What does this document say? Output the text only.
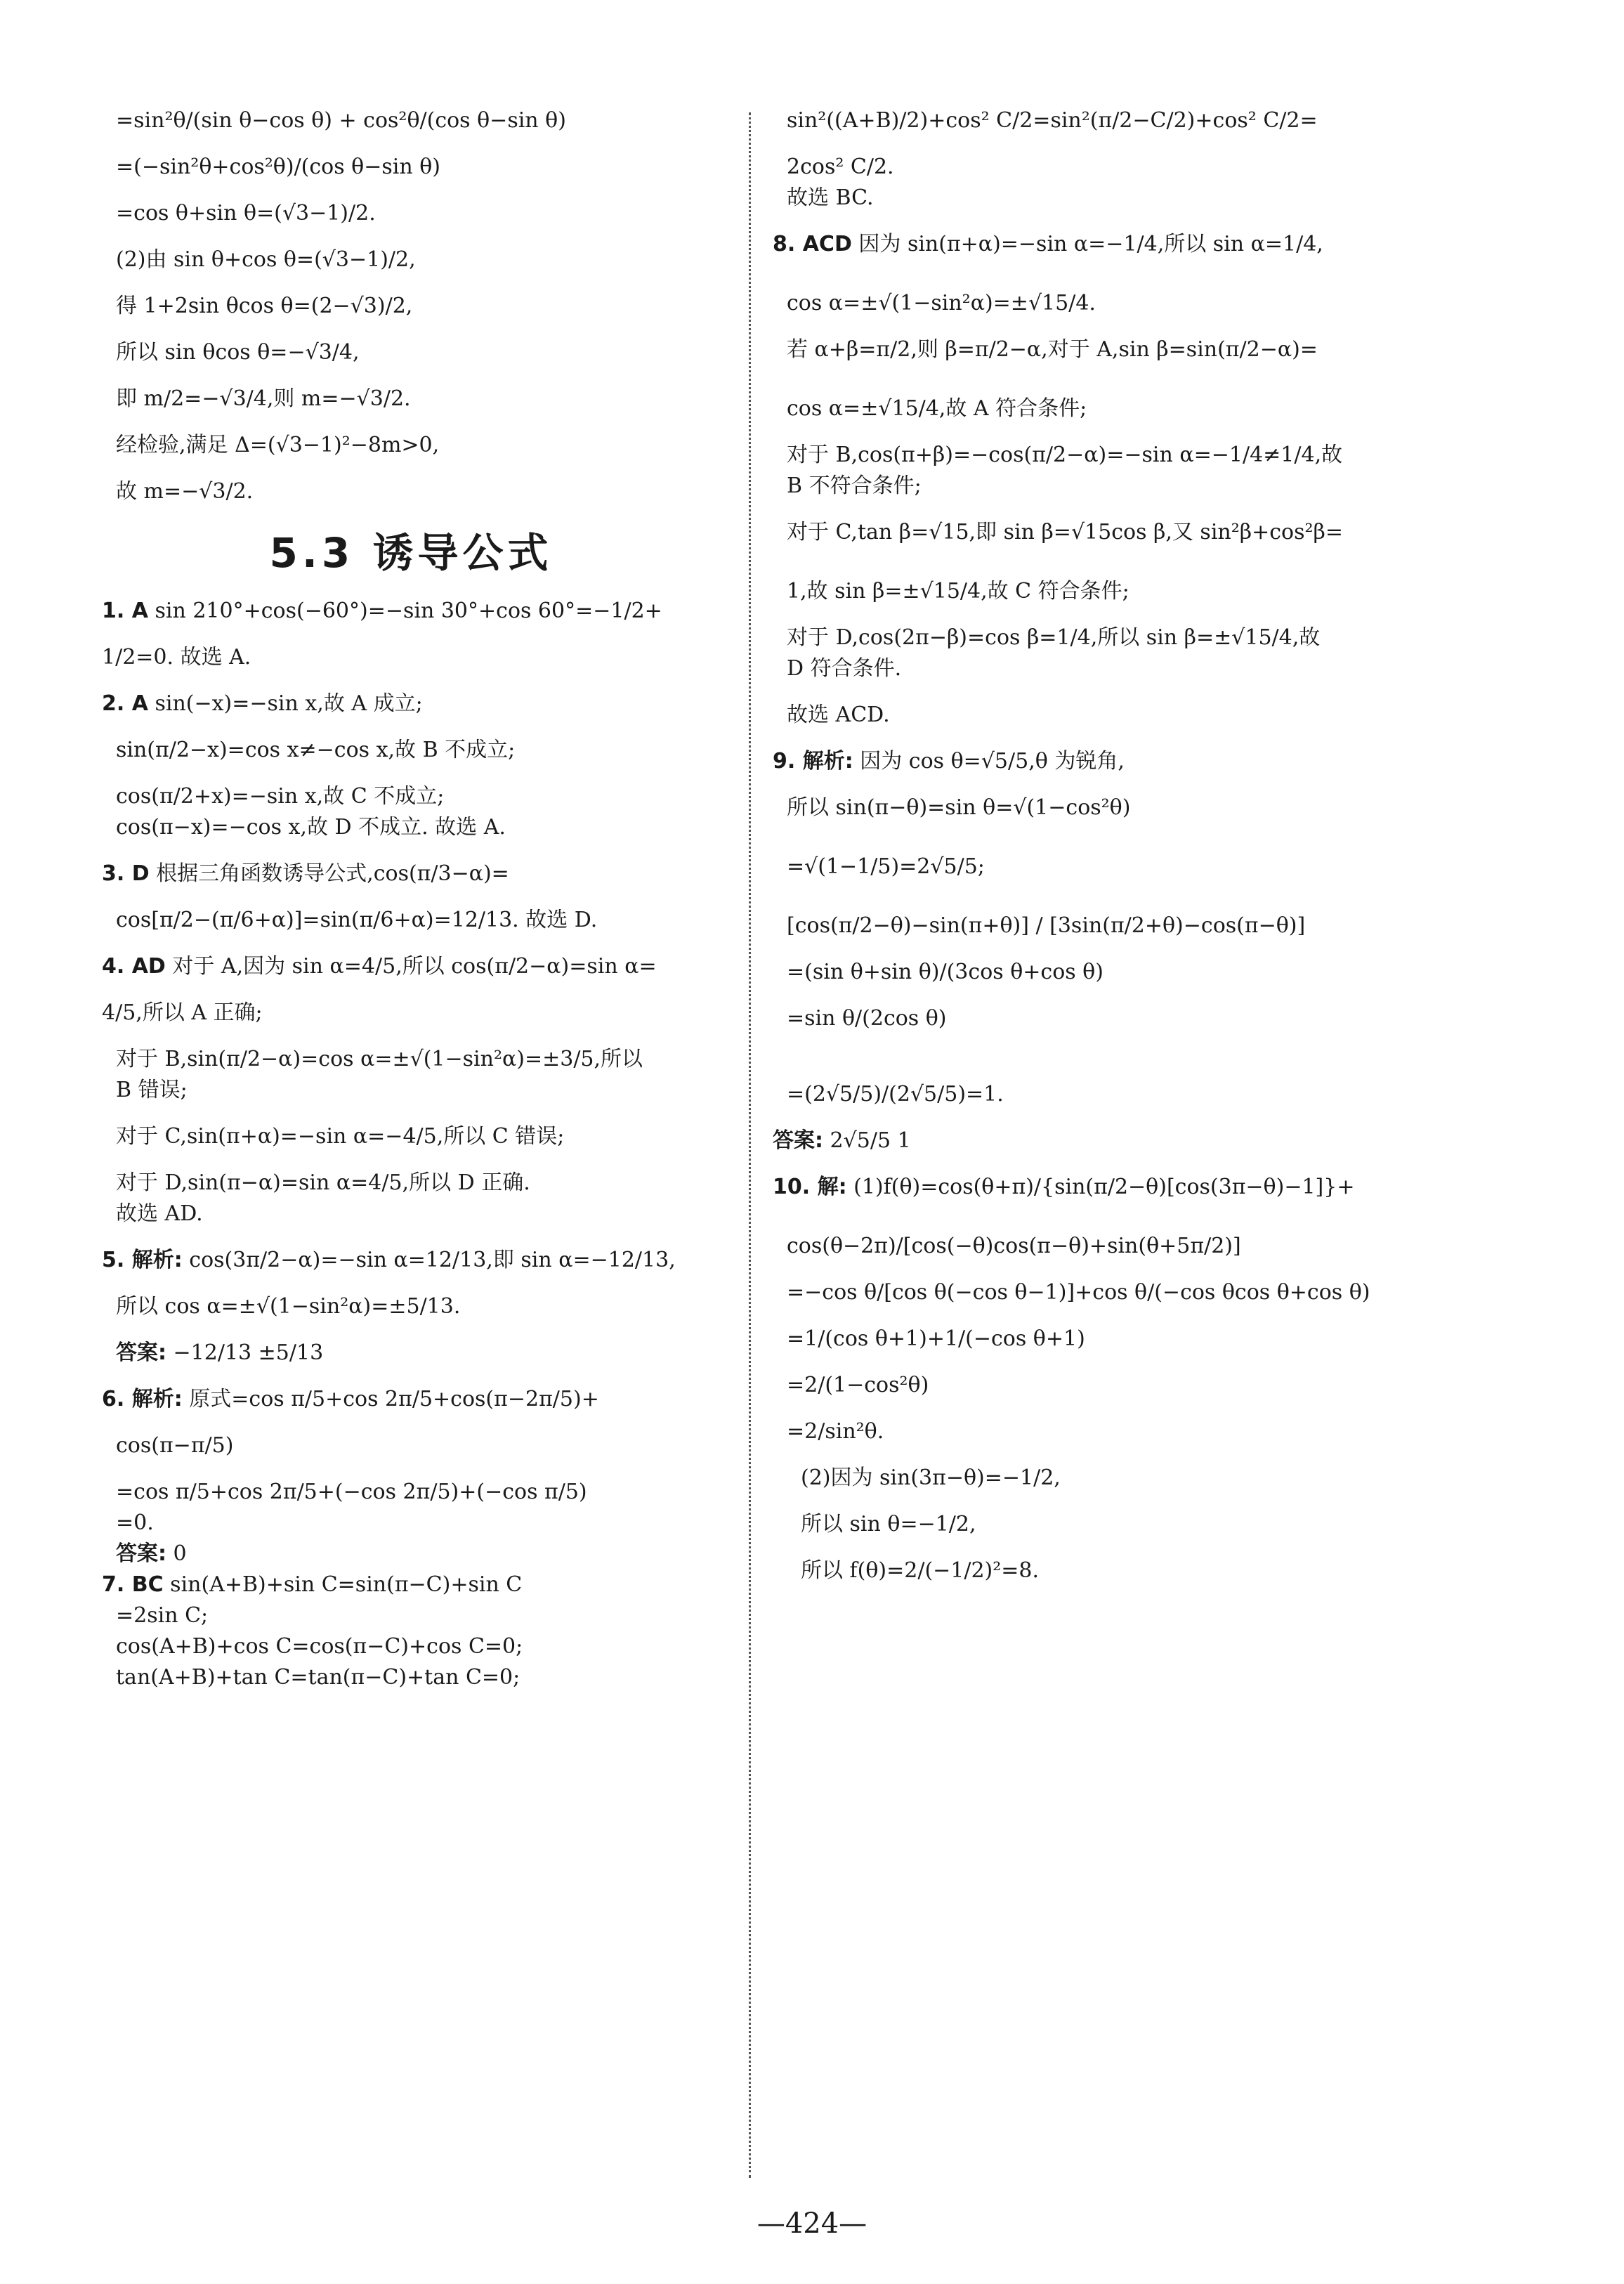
=sin²θ/(sin θ−cos θ) + cos²θ/(cos θ−sin θ)
=(−sin²θ+cos²θ)/(cos θ−sin θ)
=cos θ+sin θ=(√3−1)/2.
(2)由 sin θ+cos θ=(√3−1)/2,
得 1+2sin θcos θ=(2−√3)/2,
所以 sin θcos θ=−√3/4,
即 m/2=−√3/4,则 m=−√3/2.
经检验,满足 Δ=(√3−1)²−8m>0,
故 m=−√3/2.
5.3 诱导公式
1. A sin 210°+cos(−60°)=−sin 30°+cos 60°=−1/2+
1/2=0. 故选 A.
2. A sin(−x)=−sin x,故 A 成立;
sin(π/2−x)=cos x≠−cos x,故 B 不成立;
cos(π/2+x)=−sin x,故 C 不成立;
cos(π−x)=−cos x,故 D 不成立. 故选 A.
3. D 根据三角函数诱导公式,cos(π/3−α)=
cos[π/2−(π/6+α)]=sin(π/6+α)=12/13. 故选 D.
4. AD 对于 A,因为 sin α=4/5,所以 cos(π/2−α)=sin α=
4/5,所以 A 正确;
对于 B,sin(π/2−α)=cos α=±√(1−sin²α)=±3/5,所以
B 错误;
对于 C,sin(π+α)=−sin α=−4/5,所以 C 错误;
对于 D,sin(π−α)=sin α=4/5,所以 D 正确.
故选 AD.
5. 解析: cos(3π/2−α)=−sin α=12/13,即 sin α=−12/13,
所以 cos α=±√(1−sin²α)=±5/13.
答案: −12/13 ±5/13
6. 解析: 原式=cos π/5+cos 2π/5+cos(π−2π/5)+
cos(π−π/5)
=cos π/5+cos 2π/5+(−cos 2π/5)+(−cos π/5)
=0.
答案: 0
7. BC sin(A+B)+sin C=sin(π−C)+sin C
=2sin C;
cos(A+B)+cos C=cos(π−C)+cos C=0;
tan(A+B)+tan C=tan(π−C)+tan C=0;
sin²((A+B)/2)+cos² C/2=sin²(π/2−C/2)+cos² C/2=
2cos² C/2.
故选 BC.
8. ACD 因为 sin(π+α)=−sin α=−1/4,所以 sin α=1/4,
cos α=±√(1−sin²α)=±√15/4.
若 α+β=π/2,则 β=π/2−α,对于 A,sin β=sin(π/2−α)=
cos α=±√15/4,故 A 符合条件;
对于 B,cos(π+β)=−cos(π/2−α)=−sin α=−1/4≠1/4,故
B 不符合条件;
对于 C,tan β=√15,即 sin β=√15cos β,又 sin²β+cos²β=
1,故 sin β=±√15/4,故 C 符合条件;
对于 D,cos(2π−β)=cos β=1/4,所以 sin β=±√15/4,故
D 符合条件.
故选 ACD.
9. 解析: 因为 cos θ=√5/5,θ 为锐角,
所以 sin(π−θ)=sin θ=√(1−cos²θ)
=√(1−1/5)=2√5/5;
[cos(π/2−θ)−sin(π+θ)] / [3sin(π/2+θ)−cos(π−θ)]
=(sin θ+sin θ)/(3cos θ+cos θ)
=sin θ/(2cos θ)
=(2√5/5)/(2√5/5)=1.
答案: 2√5/5 1
10. 解: (1)f(θ)=cos(θ+π)/{sin(π/2−θ)[cos(3π−θ)−1]}+
cos(θ−2π)/[cos(−θ)cos(π−θ)+sin(θ+5π/2)]
=−cos θ/[cos θ(−cos θ−1)]+cos θ/(−cos θcos θ+cos θ)
=1/(cos θ+1)+1/(−cos θ+1)
=2/(1−cos²θ)
=2/sin²θ.
(2)因为 sin(3π−θ)=−1/2,
所以 sin θ=−1/2,
所以 f(θ)=2/(−1/2)²=8.
—424—
